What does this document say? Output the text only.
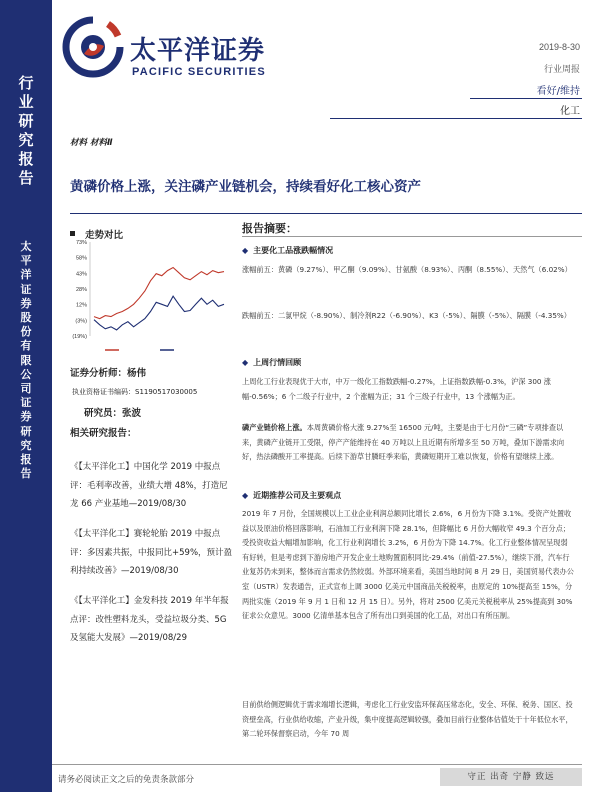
行业研究报告
太平洋证券股份有限公司证券研究报告
太平洋证券
PACIFIC SECURITIES
2019-8-30
行业周报
看好/维持
化工
材料 材料Ⅱ
黄磷价格上涨，关注磷产业链机会，持续看好化工核心资产
走势对比
73%
58%
43%
28%
12%
(3%)
(19%)
证券分析师：杨伟
执业资格证书编码：S1190517030005
研究员：张波
相关研究报告：
《【太平洋化工】中国化学 2019 中报点评：毛利率改善，业绩大增 48%，打造尼龙 66 产业基地—2019/08/30
《【太平洋化工】赛轮轮胎 2019 中报点评：多因素共振，中报同比+59%，预计盈利持续改善》—2019/08/30
《【太平洋化工】金发科技 2019 年半年报点评：改性塑料龙头，受益垃圾分类、5G 及氢能大发展》—2019/08/29
报告摘要：
◆ 主要化工品涨跌幅情况
涨幅前五：黄磷（9.27%）、甲乙酮（9.09%）、甘氨酸（8.93%）、丙酮（8.55%）、天然气（6.02%）
跌幅前五：二氯甲烷（-8.90%）、制冷剂R22（-6.90%）、K3（-5%）、隔膜（-5%）、隔膜（-4.35%）
◆ 上周行情回顾
上周化工行业表现优于大市，中万一级化工指数跌幅-0.27%，上证指数跌幅-0.3%，沪深 300 涨幅-0.56%；6 个二级子行业中，2 个涨幅为正；31 个三级子行业中，13 个涨幅为正。
磷产业链价格上涨。本周黄磷价格大涨 9.27%至 16500 元/吨，主要是由于七月份“三磷”专项排查以来，黄磷产业链开工受限，停产产能维持在 40 万吨以上且近期有所增多至 50 万吨，叠加下游需求向好，热法磷酸开工率提高。后续下游草甘膦旺季来临，黄磷短期开工难以恢复，价格有望继续上涨。
◆ 近期推荐公司及主要观点
2019 年 7 月份，全国规模以上工业企业利润总额同比增长 2.6%，6 月份为下降 3.1%。受资产处置收益以及原油价格回落影响，石油加工行业利润下降 28.1%，但降幅比 6 月份大幅收窄 49.3 个百分点；受投资收益大幅增加影响，化工行业利润增长 3.2%，6 月份为下降 14.7%。化工行业整体情况呈现弱有好转，但是考虑到下游房地产开发企业土地购置面积同比-29.4%（前值-27.5%），继续下滑，汽车行业复苏仍未到来，整体而言需求仍然较弱。外部环境来看，美国当地时间 8 月 29 日，美国贸易代表办公室（USTR）发表通告，正式宣布上调 3000 亿美元中国商品关税税率，由原定的 10%提高至 15%，分两批实施（2019 年 9 月 1 日和 12 月 15 日）。另外，将对 2500 亿美元关税税率从 25%提高到 30%征求公众意见。3000 亿清单基本包含了所有出口到美国的化工品，对出口有所压制。
目前供给侧逻辑优于需求端增长逻辑，考虑化工行业安监环保高压常态化，安全、环保、税务、国区、投资壁垒高，行业供给收缩，产业升级，集中度提高逻辑较强，叠加目前行业整体估值处于十年低位水平，第二轮环保督察启动，今年 70 周
请务必阅读正文之后的免责条款部分	守正 出奇 宁静 致远
